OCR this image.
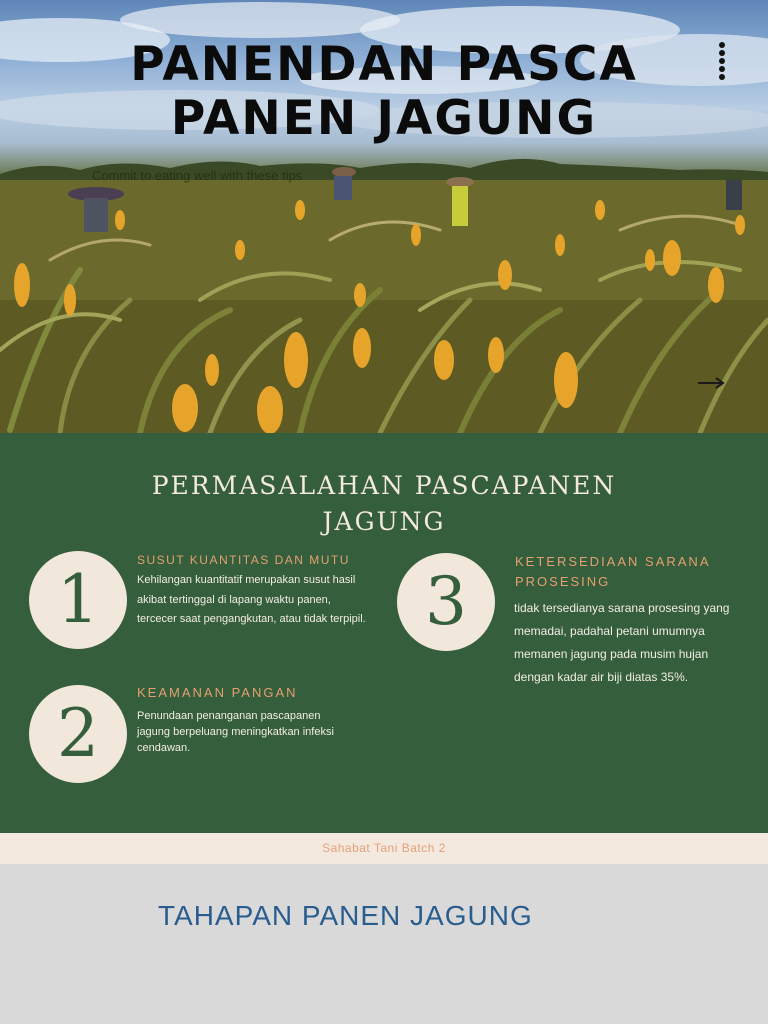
PANENDAN PASCA
PANEN JAGUNG
Commit to eating well with these tips
PERMASALAHAN PASCAPANEN
JAGUNG
1
SUSUT KUANTITAS DAN MUTU
Kehilangan kuantitatif merupakan susut hasil akibat tertinggal di lapang waktu panen, tercecer saat pengangkutan, atau tidak terpipil.
2
KEAMANAN PANGAN
Penundaan penanganan pascapanen jagung berpeluang meningkatkan infeksi cendawan.
3
KETERSEDIAAN SARANA PROSESING
tidak tersedianya sarana prosesing yang memadai, padahal petani umumnya memanen jagung pada musim hujan dengan kadar air biji diatas 35%.
Sahabat Tani Batch 2
TAHAPAN PANEN JAGUNG
